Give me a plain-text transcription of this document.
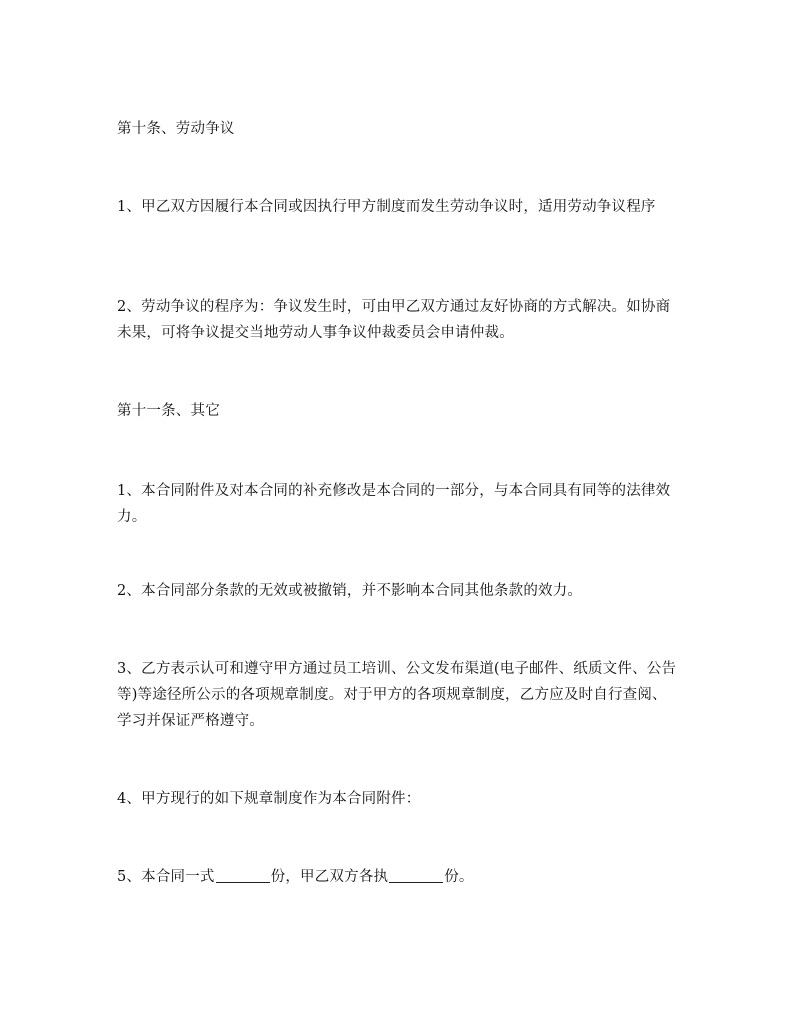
第十条、劳动争议
1、甲乙双方因履行本合同或因执行甲方制度而发生劳动争议时，适用劳动争议程序
2、劳动争议的程序为：争议发生时，可由甲乙双方通过友好协商的方式解决。如协商未果，可将争议提交当地劳动人事争议仲裁委员会申请仲裁。
第十一条、其它
1、本合同附件及对本合同的补充修改是本合同的一部分，与本合同具有同等的法律效力。
2、本合同部分条款的无效或被撤销，并不影响本合同其他条款的效力。
3、乙方表示认可和遵守甲方通过员工培训、公文发布渠道(电子邮件、纸质文件、公告等)等途径所公示的各项规章制度。对于甲方的各项规章制度，乙方应及时自行查阅、学习并保证严格遵守。
4、甲方现行的如下规章制度作为本合同附件：
5、本合同一式	份，甲乙双方各执	份。
